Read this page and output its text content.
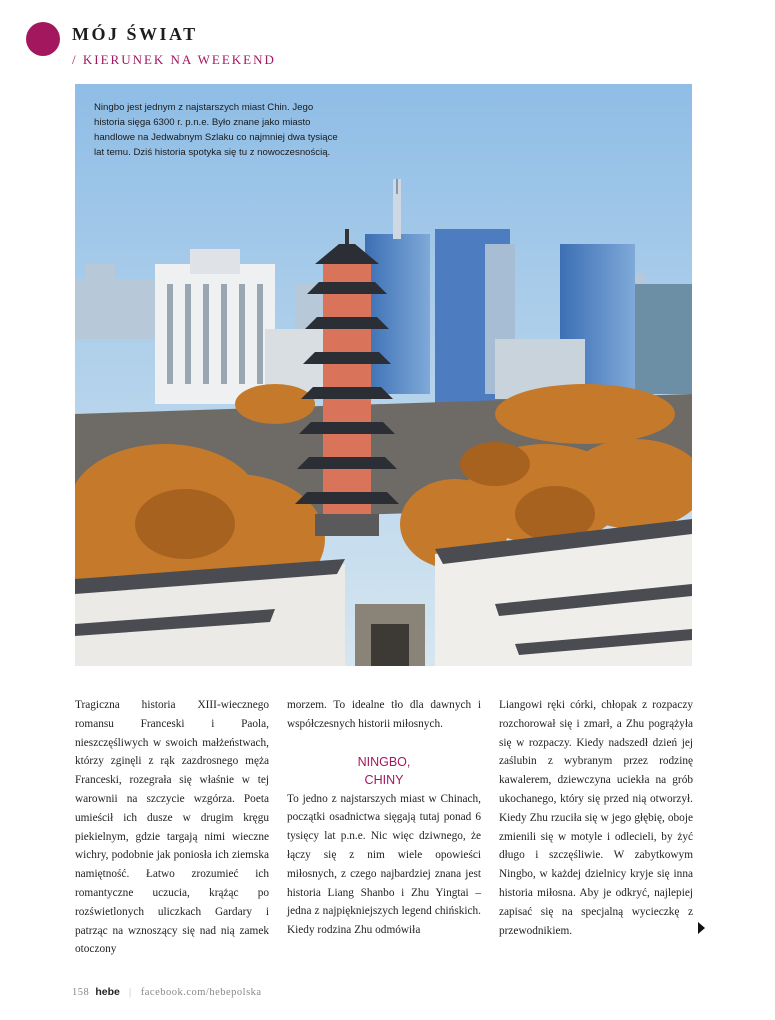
MÓJ ŚWIAT
/ KIERUNEK NA WEEKEND
Ningbo jest jednym z najstarszych miast Chin. Jego historia sięga 6300 r. p.n.e. Było znane jako miasto handlowe na Jedwabnym Szlaku co najmniej dwa tysiące lat temu. Dziś historia spotyka się tu z nowoczesnością.

Tragiczna historia XIII-wiecznego romansu Franceski i Paola, nieszczęśliwych w swoich małżeństwach, którzy zginęli z rąk zazdrosnego męża Franceski, rozegrała się właśnie w tej warownii na szczycie wzgórza. Poeta umieścił ich dusze w drugim kręgu piekielnym, gdzie targają nimi wieczne wichry, podobnie jak poniosła ich ziemska namiętność. Łatwo zrozumieć ich romantyczne uczucia, krążąc po rozświetlonych uliczkach Gardary i patrząc na wznoszący się nad nią zamek otoczony

morzem. To idealne tło dla dawnych i współczesnych historii miłosnych.

NINGBO,
CHINY

To jedno z najstarszych miast w Chinach, początki osadnictwa sięgają tutaj ponad 6 tysięcy lat p.n.e. Nic więc dziwnego, że łączy się z nim wiele opowieści miłosnych, z czego najbardziej znana jest historia Liang Shanbo i Zhu Yingtai – jedna z najpiękniejszych legend chińskich. Kiedy rodzina Zhu odmówiła

Liangowi ręki córki, chłopak z rozpaczy rozchorował się i zmarł, a Zhu pogrążyła się w rozpaczy. Kiedy nadszedł dzień jej zaślubin z wybranym przez rodzinę kawalerem, dziewczyna uciekła na grób ukochanego, który się przed nią otworzył. Kiedy Zhu rzuciła się w jego głębię, oboje zmienili się w motyle i odlecieli, by żyć długo i szczęśliwie. W zabytkowym Ningbo, w każdej dzielnicy kryje się inna historia miłosna. Aby je odkryć, najlepiej zapisać się na specjalną wycieczkę z przewodnikiem.

158 hebe | facebook.com/hebepolska
